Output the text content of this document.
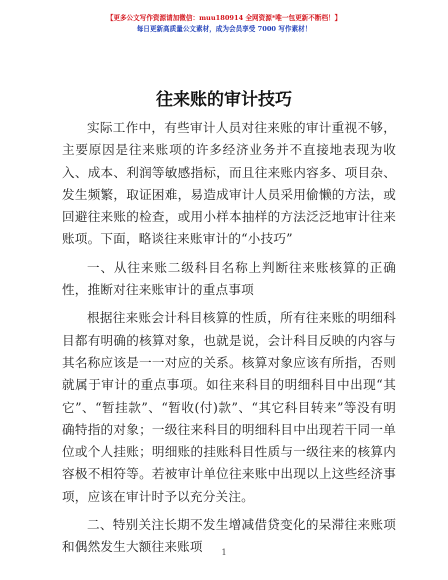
【更多公文写作资源请加微信：muu180914 全网资源*唯一包更新不断档！】
每日更新高质量公文素材，成为会员享受 7000 写作素材！
往来账的审计技巧

实际工作中，有些审计人员对往来账的审计重视不够，主要原因是往来账项的许多经济业务并不直接地表现为收入、成本、利润等敏感指标，而且往来账内容多、项目杂、发生频繁，取证困难，易造成审计人员采用偷懒的方法，或回避往来账的检查，或用小样本抽样的方法泛泛地审计往来账项。下面，略谈往来账审计的“小技巧”

一、从往来账二级科目名称上判断往来账核算的正确性，推断对往来账审计的重点事项

根据往来账会计科目核算的性质，所有往来账的明细科目都有明确的核算对象，也就是说，会计科目反映的内容与其名称应该是一一对应的关系。核算对象应该有所指，否则就属于审计的重点事项。如往来科目的明细科目中出现“其它”、“暂挂款”、“暂收(付)款”、“其它科目转来”等没有明确特指的对象；一级往来科目的明细科目中出现若干同一单位或个人挂账；明细账的挂账科目性质与一级往来的核算内容极不相符等。若被审计单位往来账中出现以上这些经济事项，应该在审计时予以充分关注。

二、特别关注长期不发生增减借贷变化的呆滞往来账项和偶然发生大额往来账项	1
